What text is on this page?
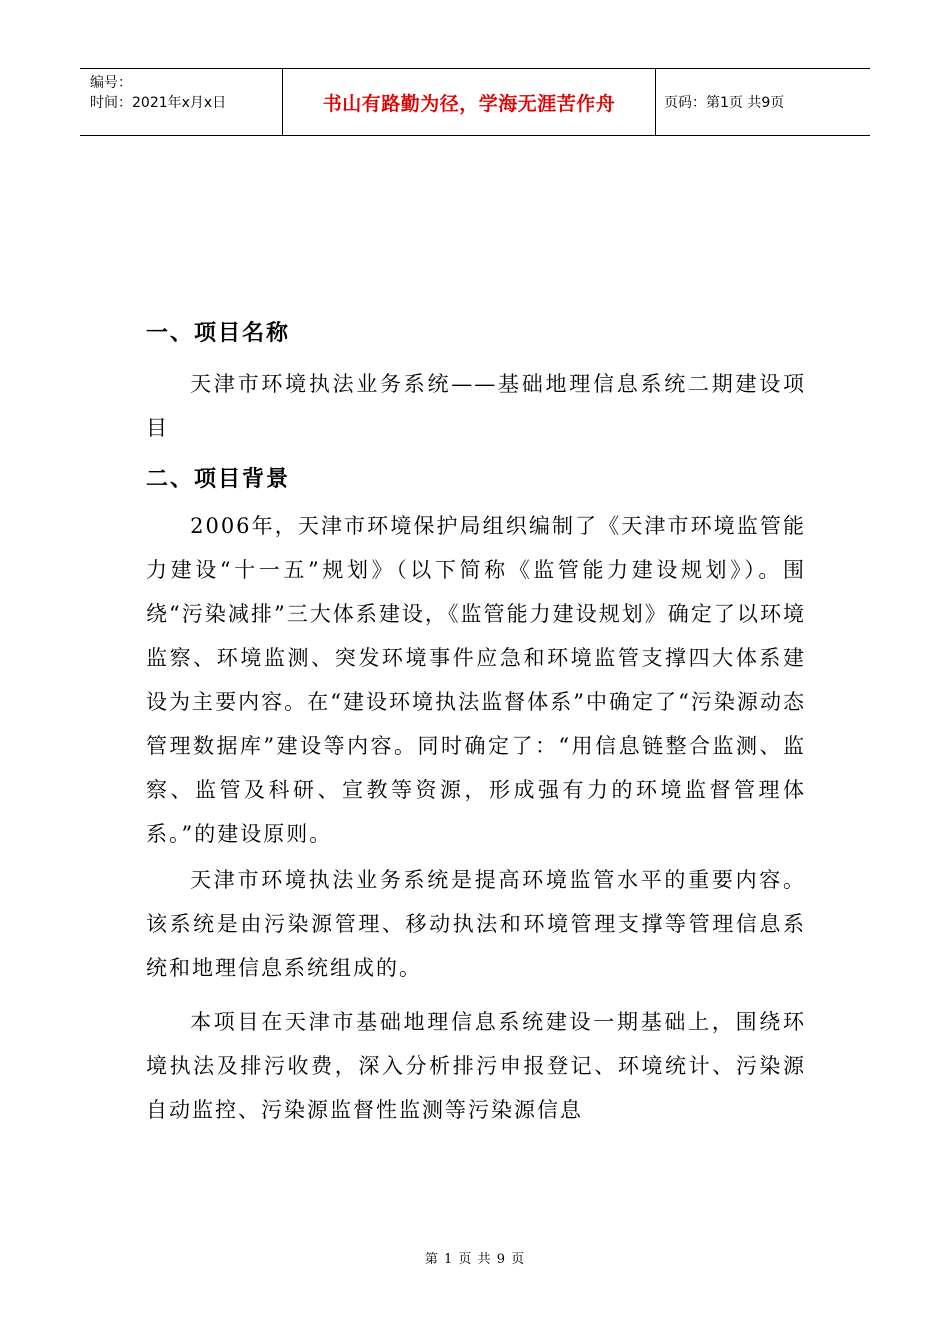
编号：
时间：2021年x月x日	书山有路勤为径，学海无涯苦作舟	页码：第1页 共9页
一、项目名称

天津市环境执法业务系统——基础地理信息系统二期建设项目

二、项目背景

2006年，天津市环境保护局组织编制了《天津市环境监管能力建设“十一五”规划》（以下简称《监管能力建设规划》）。围绕“污染减排”三大体系建设，《监管能力建设规划》确定了以环境监察、环境监测、突发环境事件应急和环境监管支撑四大体系建设为主要内容。在“建设环境执法监督体系”中确定了“污染源动态管理数据库”建设等内容。同时确定了：“用信息链整合监测、监察、监管及科研、宣教等资源，形成强有力的环境监督管理体系。”的建设原则。

天津市环境执法业务系统是提高环境监管水平的重要内容。该系统是由污染源管理、移动执法和环境管理支撑等管理信息系统和地理信息系统组成的。

本项目在天津市基础地理信息系统建设一期基础上，围绕环境执法及排污收费，深入分析排污申报登记、环境统计、污染源自动监控、污染源监督性监测等污染源信息

第 1 页 共 9 页
